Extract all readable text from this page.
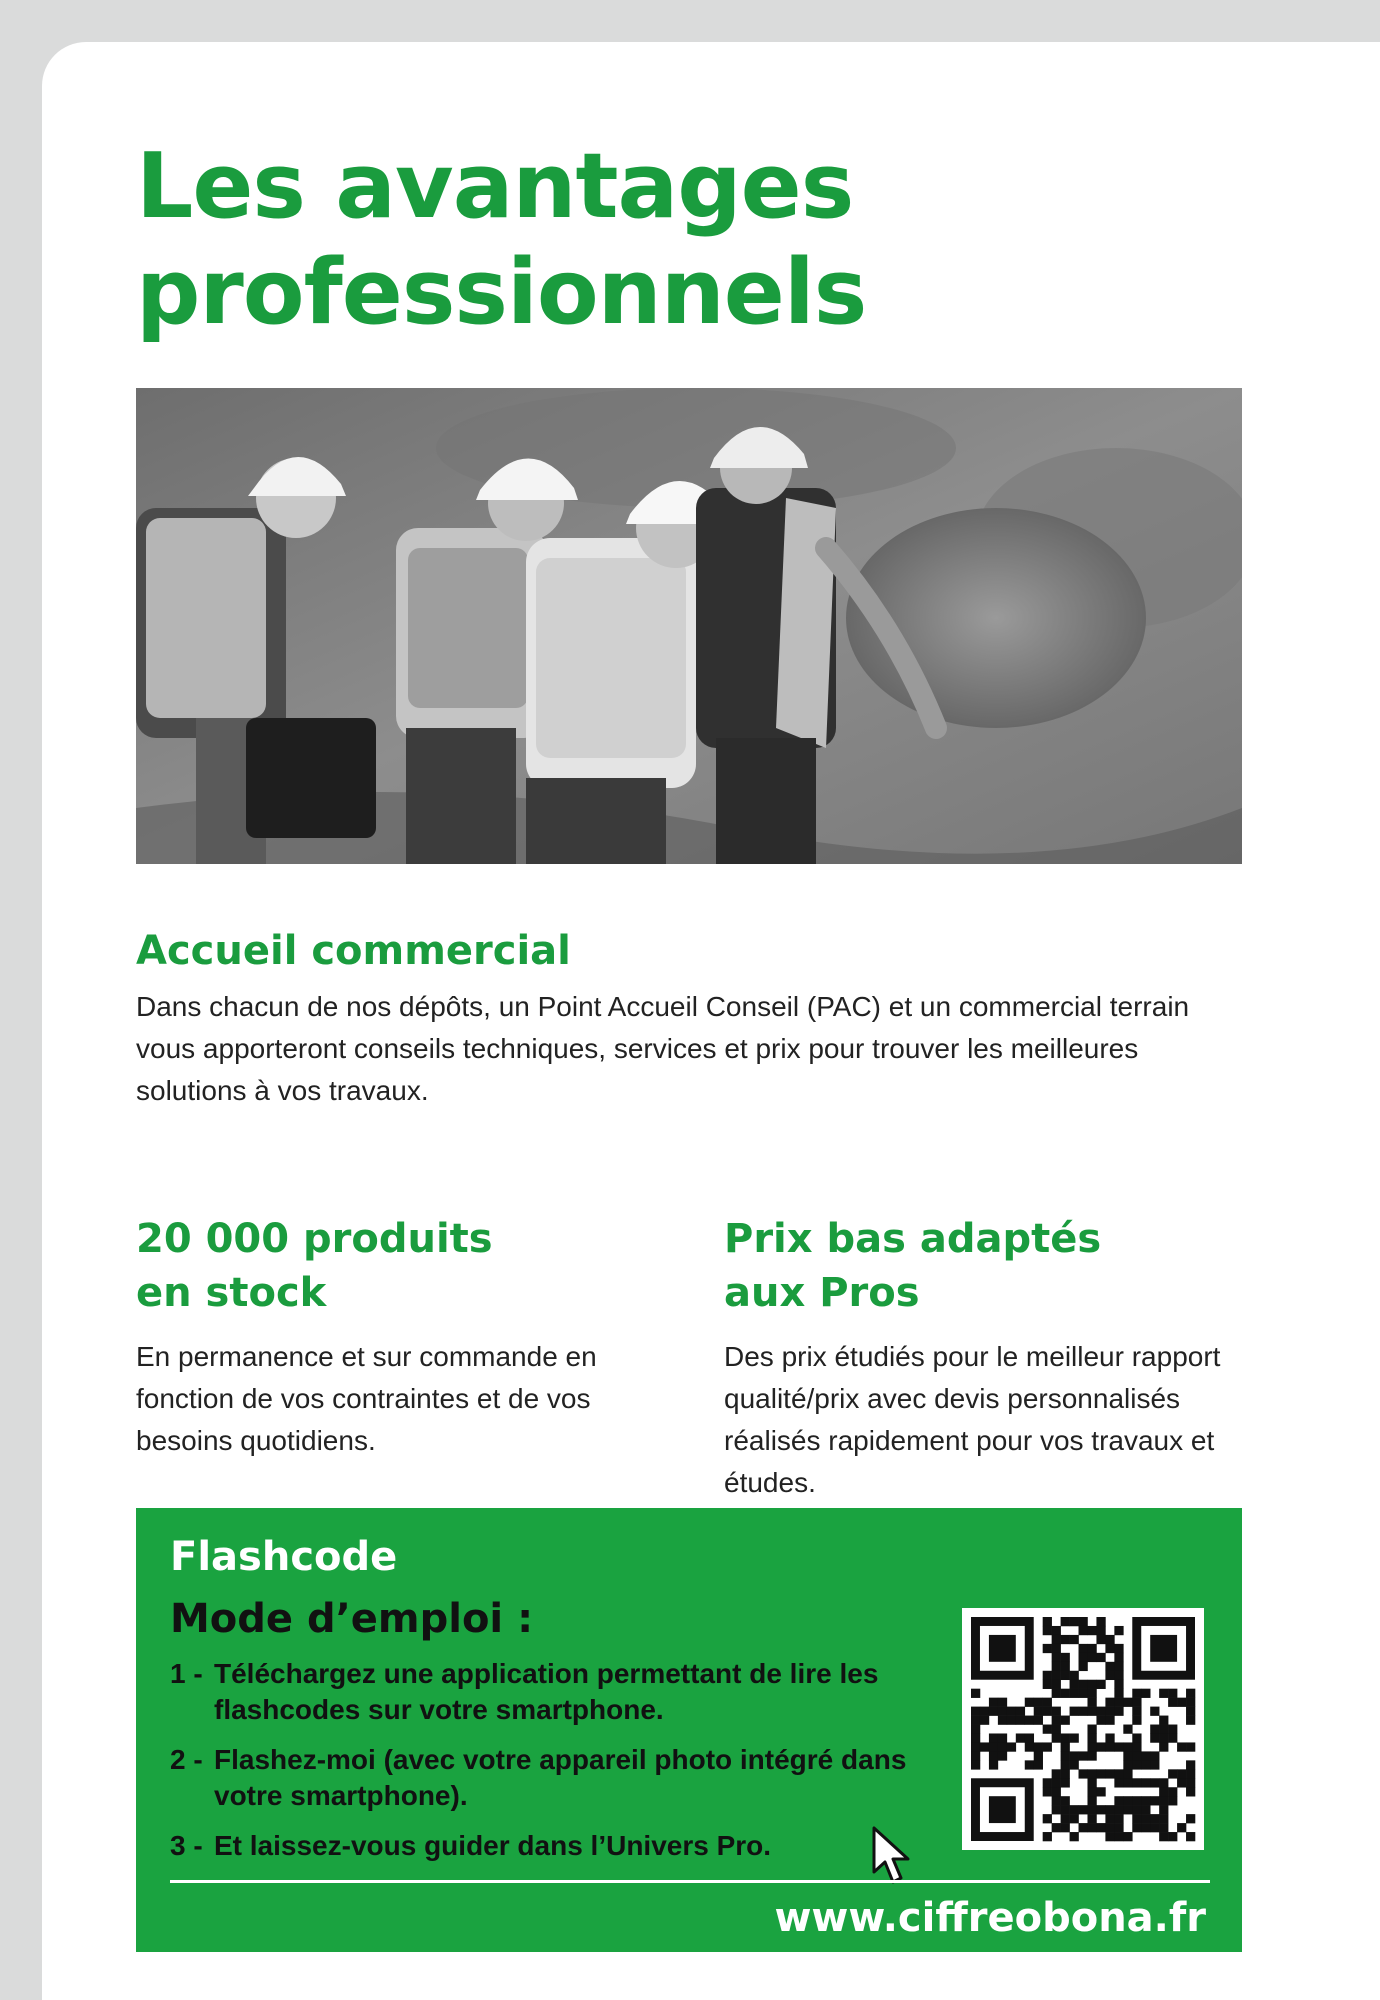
Les avantages
professionnels
Accueil commercial

Dans chacun de nos dépôts, un Point Accueil Conseil (PAC) et un commercial terrain vous apporteront conseils techniques, services et prix pour trouver les meilleures solutions à vos travaux.

20 000 produits
en stock

En permanence et sur commande en fonction de vos contraintes et de vos besoins quotidiens.

Prix bas adaptés
aux Pros

Des prix étudiés pour le meilleur rapport qualité/prix avec devis personnalisés réalisés rapidement pour vos travaux et études.

Flashcode
Mode d’emploi :
1 - Téléchargez une application permettant de lire les flashcodes sur votre smartphone.
2 - Flashez-moi (avec votre appareil photo intégré dans votre smartphone).
3 - Et laissez-vous guider dans l’Univers Pro.

www.ciffreobona.fr
